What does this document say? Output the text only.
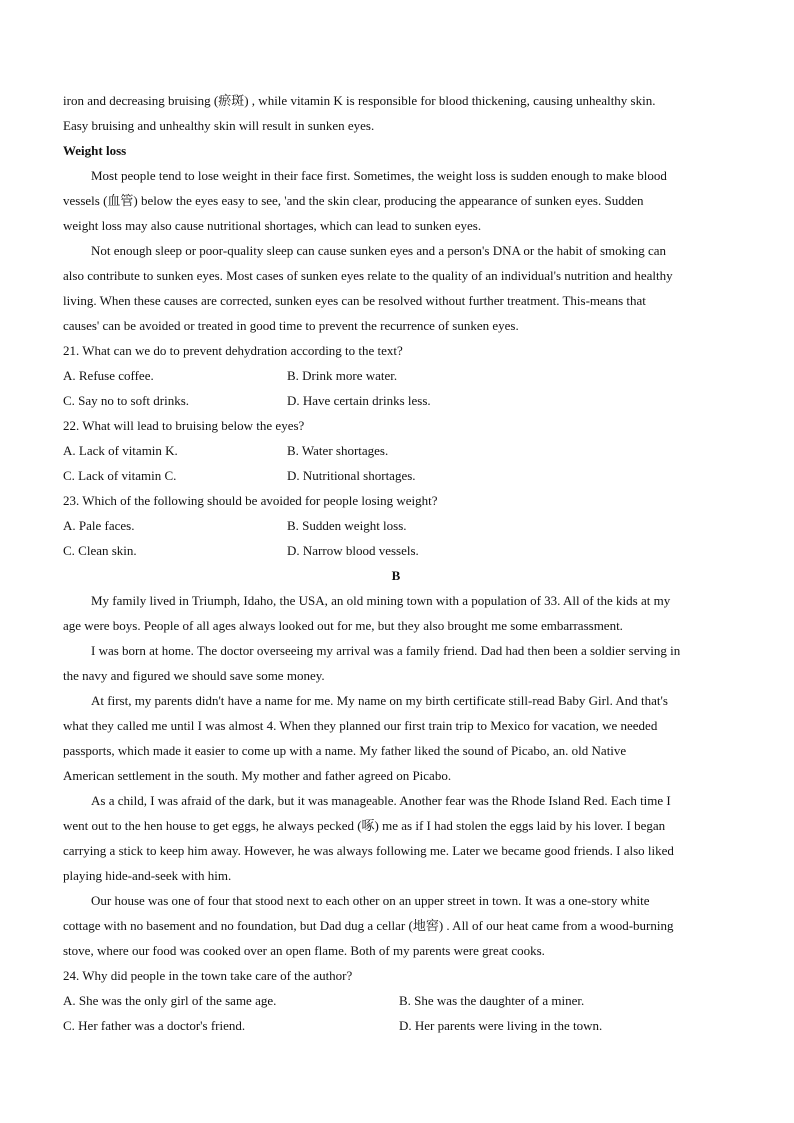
iron and decreasing bruising (瘀斑) , while vitamin K is responsible for blood thickening, causing unhealthy skin.
Easy bruising and unhealthy skin will result in sunken eyes.
Weight loss
Most people tend to lose weight in their face first. Sometimes, the weight loss is sudden enough to make blood
vessels (血管) below the eyes easy to see, 'and the skin clear, producing the appearance of sunken eyes. Sudden
weight loss may also cause nutritional shortages, which can lead to sunken eyes.
Not enough sleep or poor-quality sleep can cause sunken eyes and a person's DNA or the habit of smoking can
also contribute to sunken eyes. Most cases of sunken eyes relate to the quality of an individual's nutrition and healthy
living. When these causes are corrected, sunken eyes can be resolved without further treatment. This-means that
causes' can be avoided or treated in good time to prevent the recurrence of sunken eyes.
21. What can we do to prevent dehydration according to the text?
A. Refuse coffee.	B. Drink more water.
C. Say no to soft drinks.	D. Have certain drinks less.
22. What will lead to bruising below the eyes?
A. Lack of vitamin K.	B. Water shortages.
C. Lack of vitamin C.	D. Nutritional shortages.
23. Which of the following should be avoided for people losing weight?
A. Pale faces.	B. Sudden weight loss.
C. Clean skin.	D. Narrow blood vessels.
B
My family lived in Triumph, Idaho, the USA, an old mining town with a population of 33. All of the kids at my
age were boys. People of all ages always looked out for me, but they also brought me some embarrassment.
I was born at home. The doctor overseeing my arrival was a family friend. Dad had then been a soldier serving in
the navy and figured we should save some money.
At first, my parents didn't have a name for me. My name on my birth certificate still-read Baby Girl. And that's
what they called me until I was almost 4. When they planned our first train trip to Mexico for vacation, we needed
passports, which made it easier to come up with a name. My father liked the sound of Picabo, an. old Native
American settlement in the south. My mother and father agreed on Picabo.
As a child, I was afraid of the dark, but it was manageable. Another fear was the Rhode Island Red. Each time I
went out to the hen house to get eggs, he always pecked (啄) me as if I had stolen the eggs laid by his lover. I began
carrying a stick to keep him away. However, he was always following me. Later we became good friends. I also liked
playing hide-and-seek with him.
Our house was one of four that stood next to each other on an upper street in town. It was a one-story white
cottage with no basement and no foundation, but Dad dug a cellar (地窖) . All of our heat came from a wood-burning
stove, where our food was cooked over an open flame. Both of my parents were great cooks.
24. Why did people in the town take care of the author?
A. She was the only girl of the same age.	B. She was the daughter of a miner.
C. Her father was a doctor's friend.	D. Her parents were living in the town.
